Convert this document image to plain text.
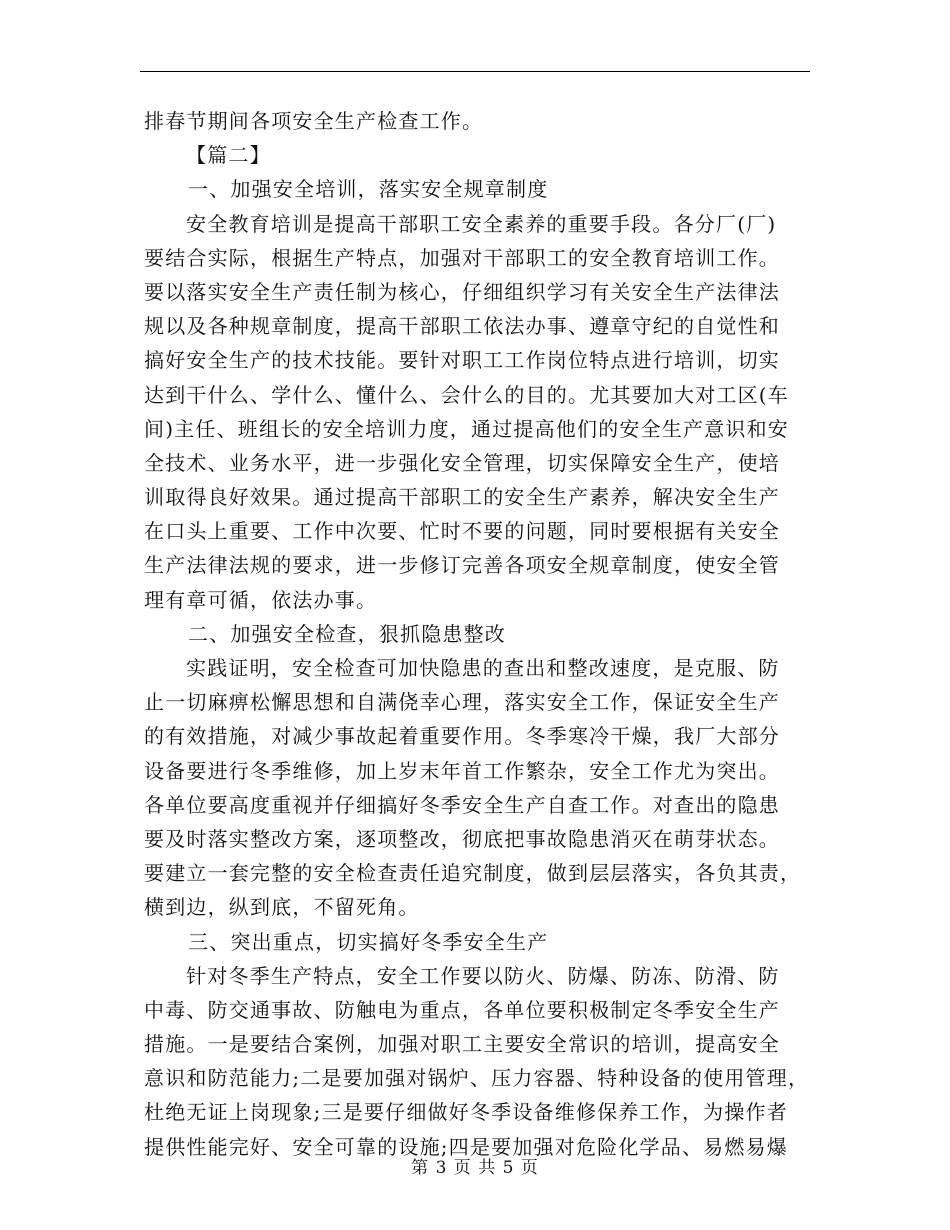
排春节期间各项安全生产检查工作。
【篇二】
一、加强安全培训，落实安全规章制度
安全教育培训是提高干部职工安全素养的重要手段。各分厂(厂)
要结合实际，根据生产特点，加强对干部职工的安全教育培训工作。
要以落实安全生产责任制为核心，仔细组织学习有关安全生产法律法
规以及各种规章制度，提高干部职工依法办事、遵章守纪的自觉性和
搞好安全生产的技术技能。要针对职工工作岗位特点进行培训，切实
达到干什么、学什么、懂什么、会什么的目的。尤其要加大对工区(车
间)主任、班组长的安全培训力度，通过提高他们的安全生产意识和安
全技术、业务水平，进一步强化安全管理，切实保障安全生产，使培
训取得良好效果。通过提高干部职工的安全生产素养，解决安全生产
在口头上重要、工作中次要、忙时不要的问题，同时要根据有关安全
生产法律法规的要求，进一步修订完善各项安全规章制度，使安全管
理有章可循，依法办事。
二、加强安全检查，狠抓隐患整改
实践证明，安全检查可加快隐患的查出和整改速度，是克服、防
止一切麻痹松懈思想和自满侥幸心理，落实安全工作，保证安全生产
的有效措施，对减少事故起着重要作用。冬季寒冷干燥，我厂大部分
设备要进行冬季维修，加上岁末年首工作繁杂，安全工作尤为突出。
各单位要高度重视并仔细搞好冬季安全生产自查工作。对查出的隐患
要及时落实整改方案，逐项整改，彻底把事故隐患消灭在萌芽状态。
要建立一套完整的安全检查责任追究制度，做到层层落实，各负其责，
横到边，纵到底，不留死角。
三、突出重点，切实搞好冬季安全生产
针对冬季生产特点，安全工作要以防火、防爆、防冻、防滑、防
中毒、防交通事故、防触电为重点，各单位要积极制定冬季安全生产
措施。一是要结合案例，加强对职工主要安全常识的培训，提高安全
意识和防范能力;二是要加强对锅炉、压力容器、特种设备的使用管理，
杜绝无证上岗现象;三是要仔细做好冬季设备维修保养工作，为操作者
提供性能完好、安全可靠的设施;四是要加强对危险化学品、易燃易爆
第 3 页 共 5 页
